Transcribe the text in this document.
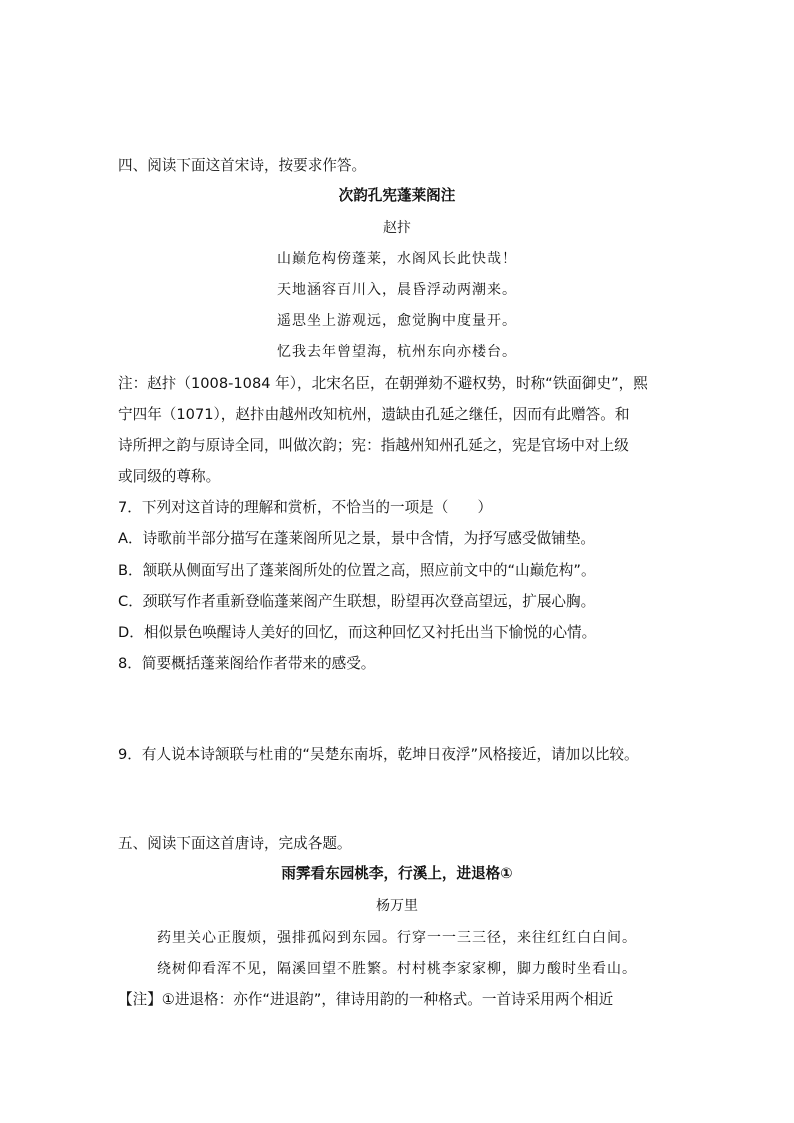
四、阅读下面这首宋诗，按要求作答。
次韵孔宪蓬莱阁注
赵抃
山巅危构傍蓬莱，水阁风长此快哉！
天地涵容百川入，晨昏浮动两潮来。
遥思坐上游观远，愈觉胸中度量开。
忆我去年曾望海，杭州东向亦楼台。
注：赵抃（1008-1084 年），北宋名臣，在朝弹劾不避权势，时称“铁面御史”，熙
宁四年（1071），赵抃由越州改知杭州，遗缺由孔延之继任，因而有此赠答。和
诗所押之韵与原诗全同，叫做次韵；宪：指越州知州孔延之，宪是官场中对上级
或同级的尊称。
7．下列对这首诗的理解和赏析，不恰当的一项是（　　）
A．诗歌前半部分描写在蓬莱阁所见之景，景中含情，为抒写感受做铺垫。
B．颔联从侧面写出了蓬莱阁所处的位置之高，照应前文中的“山巅危构”。
C．颈联写作者重新登临蓬莱阁产生联想，盼望再次登高望远，扩展心胸。
D．相似景色唤醒诗人美好的回忆，而这种回忆又衬托出当下愉悦的心情。
8．简要概括蓬莱阁给作者带来的感受。
9．有人说本诗颔联与杜甫的“吴楚东南坼，乾坤日夜浮”风格接近，请加以比较。
五、阅读下面这首唐诗，完成各题。
雨霁看东园桃李，行溪上，进退格①
杨万里
药里关心正腹烦，强排孤闷到东园。行穿一一三三径，来往红红白白间。
绕树仰看浑不见，隔溪回望不胜繁。村村桃李家家柳，脚力酸时坐看山。
【注】①进退格：亦作“进退韵”，律诗用韵的一种格式。一首诗采用两个相近
